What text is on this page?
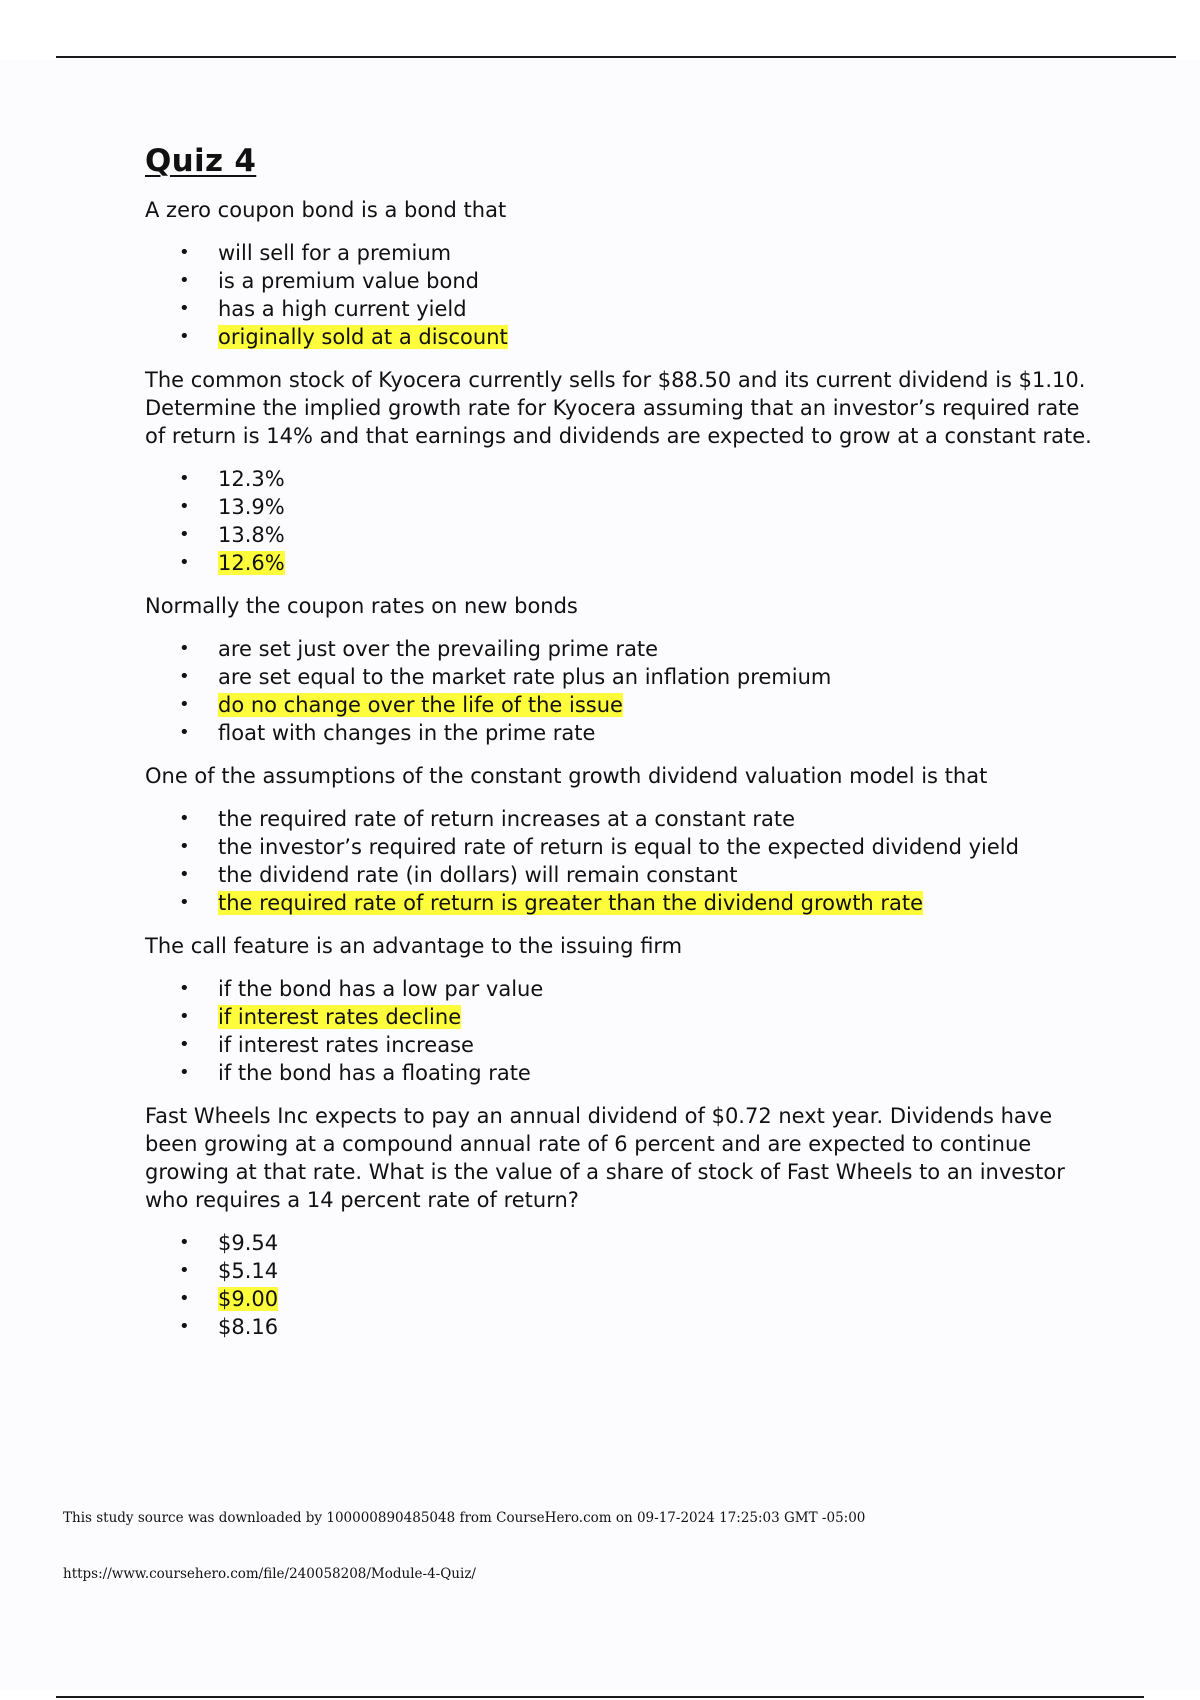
Quiz 4

A zero coupon bond is a bond that

• will sell for a premium
• is a premium value bond
• has a high current yield
• originally sold at a discount

The common stock of Kyocera currently sells for $88.50 and its current dividend is $1.10. Determine the implied growth rate for Kyocera assuming that an investor’s required rate of return is 14% and that earnings and dividends are expected to grow at a constant rate.

• 12.3%
• 13.9%
• 13.8%
• 12.6%

Normally the coupon rates on new bonds

• are set just over the prevailing prime rate
• are set equal to the market rate plus an inflation premium
• do no change over the life of the issue
• float with changes in the prime rate

One of the assumptions of the constant growth dividend valuation model is that

• the required rate of return increases at a constant rate
• the investor’s required rate of return is equal to the expected dividend yield
• the dividend rate (in dollars) will remain constant
• the required rate of return is greater than the dividend growth rate

The call feature is an advantage to the issuing firm

• if the bond has a low par value
• if interest rates decline
• if interest rates increase
• if the bond has a floating rate

Fast Wheels Inc expects to pay an annual dividend of $0.72 next year. Dividends have been growing at a compound annual rate of 6 percent and are expected to continue growing at that rate. What is the value of a share of stock of Fast Wheels to an investor who requires a 14 percent rate of return?

• $9.54
• $5.14
• $9.00
• $8.16
This study source was downloaded by 100000890485048 from CourseHero.com on 09-17-2024 17:25:03 GMT -05:00
https://www.coursehero.com/file/240058208/Module-4-Quiz/
